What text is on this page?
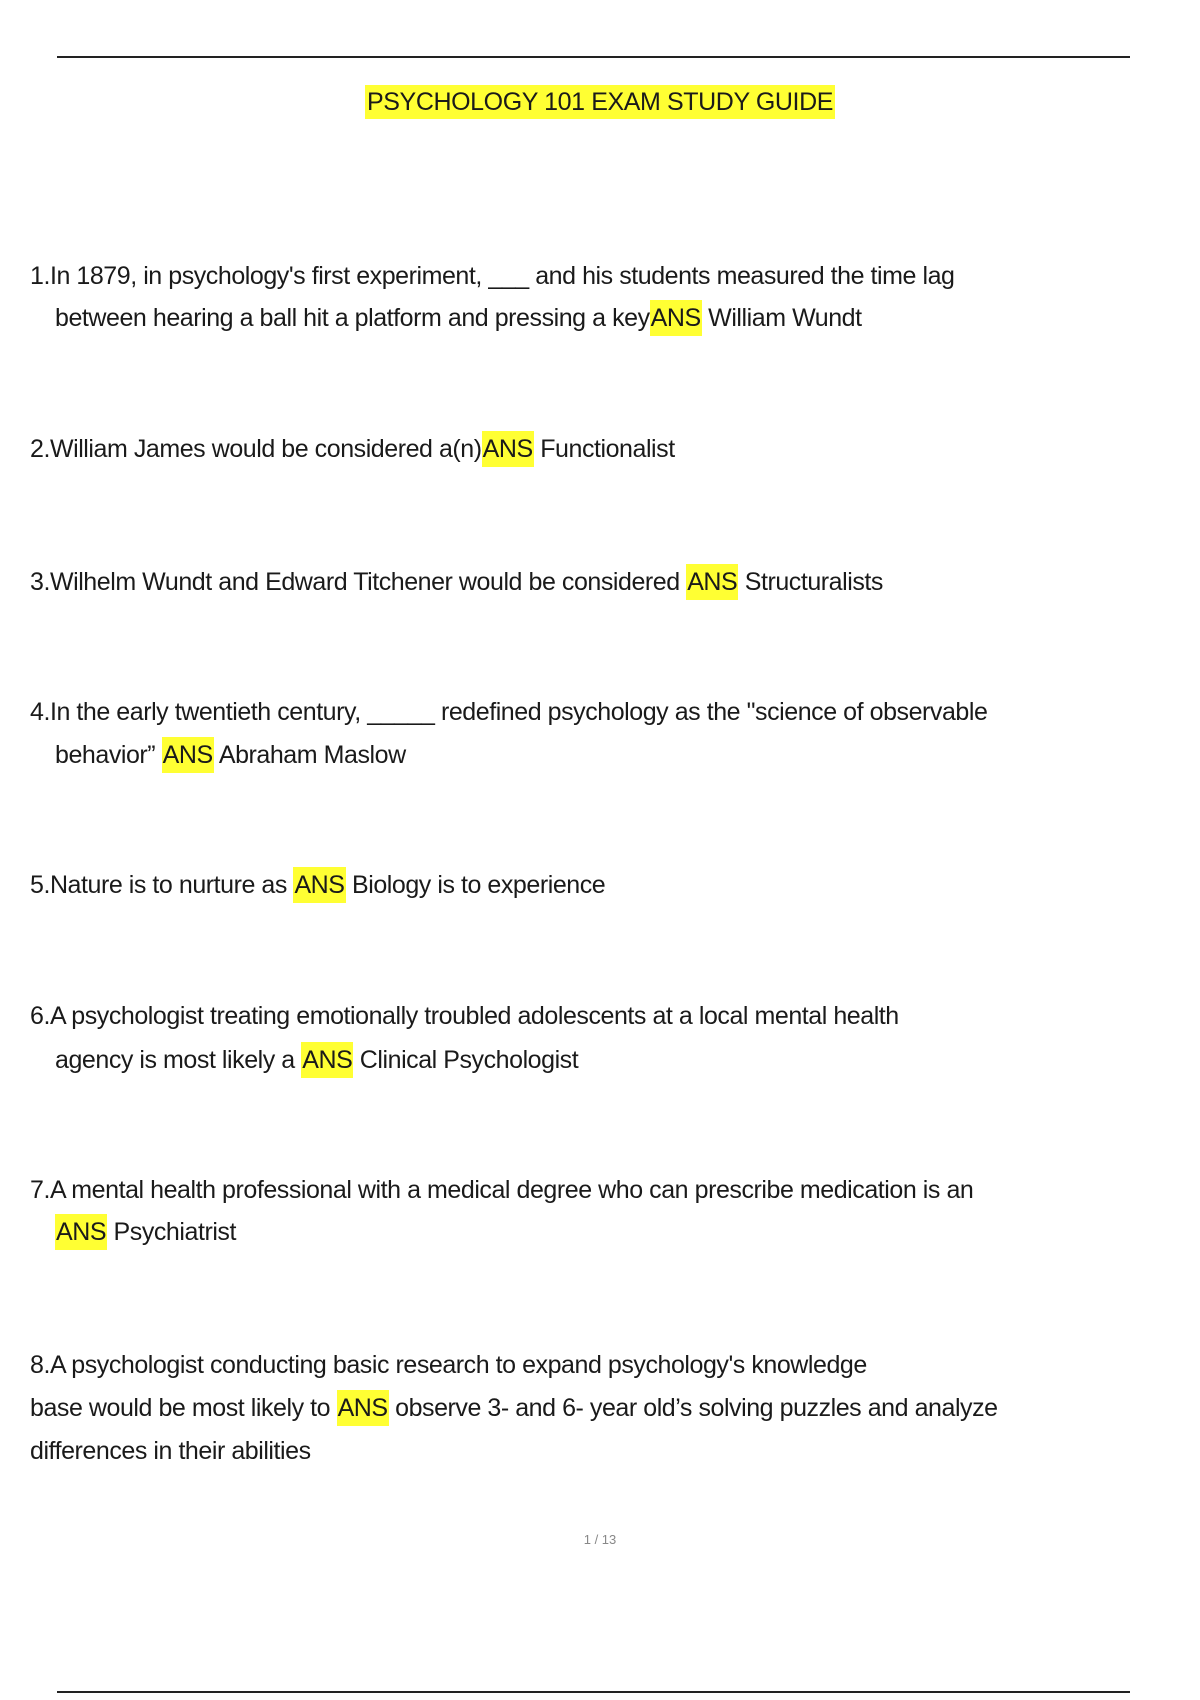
PSYCHOLOGY 101 EXAM STUDY GUIDE
1.In 1879, in psychology's first experiment, ___ and his students measured the time lag
between hearing a ball hit a platform and pressing a keyANS William Wundt
2.William James would be considered a(n)ANS Functionalist
3.Wilhelm Wundt and Edward Titchener would be considered ANS Structuralists
4.In the early twentieth century, _____ redefined psychology as the "science of observable
behavior” ANS Abraham Maslow
5.Nature is to nurture as ANS Biology is to experience
6.A psychologist treating emotionally troubled adolescents at a local mental health
agency is most likely a ANS Clinical Psychologist
7.A mental health professional with a medical degree who can prescribe medication is an
ANS Psychiatrist
8.A psychologist conducting basic research to expand psychology's knowledge
base would be most likely to ANS observe 3- and 6- year old’s solving puzzles and analyze
differences in their abilities
1 / 13
